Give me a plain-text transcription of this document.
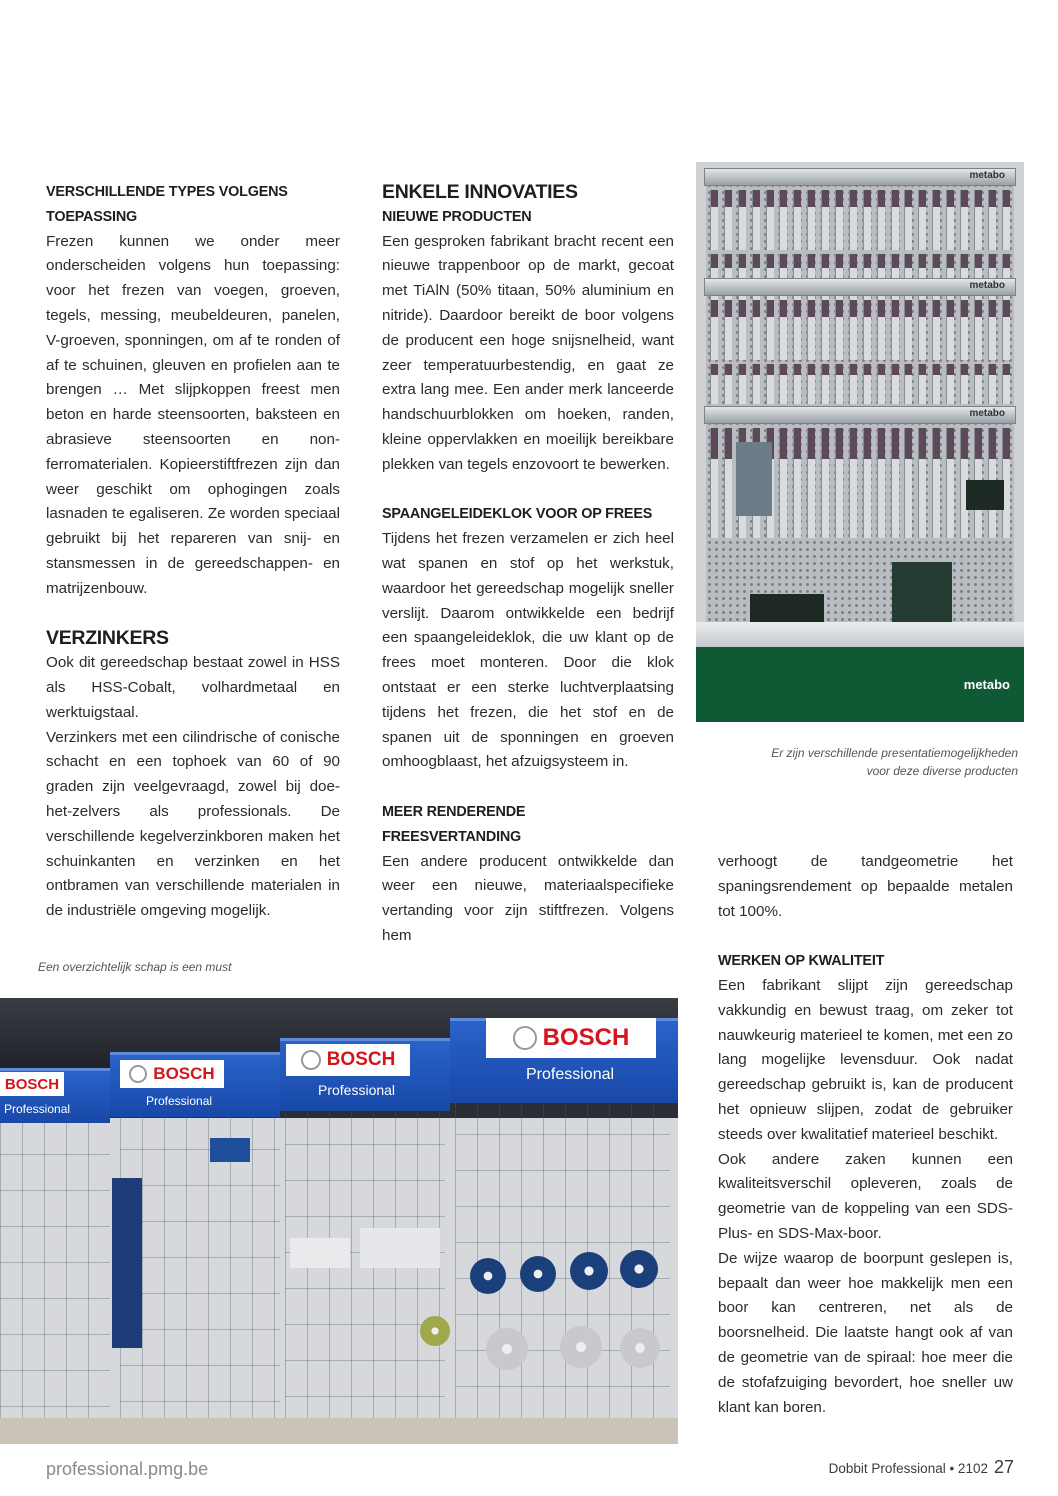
VERSCHILLENDE TYPES VOLGENS TOEPASSING

Frezen kunnen we onder meer onderscheiden volgens hun toepassing: voor het frezen van voegen, groeven, tegels, messing, meubeldeuren, panelen, V-groeven, sponningen, om af te ronden of af te schuinen, gleuven en profielen aan te brengen … Met slijpkoppen freest men beton en harde steensoorten, baksteen en abrasieve steensoorten en non-ferromaterialen. Kopieerstiftfrezen zijn dan weer geschikt om ophogingen zoals lasnaden te egaliseren. Ze worden speciaal gebruikt bij het repareren van snij- en stansmessen in de gereedschappen- en matrijzenbouw.

VERZINKERS

Ook dit gereedschap bestaat zowel in HSS als HSS-Cobalt, volhardmetaal en werktuigstaal.

Verzinkers met een cilindrische of conische schacht en een tophoek van 60 of 90 graden zijn veelgevraagd, zowel bij doe-het-zelvers als professionals. De verschillende kegelverzinkboren maken het schuinkanten en verzinken en het ontbramen van verschillende materialen in de industriële omgeving mogelijk.

ENKELE INNOVATIES
NIEUWE PRODUCTEN

Een gesproken fabrikant bracht recent een nieuwe trappenboor op de markt, gecoat met TiAlN (50% titaan, 50% aluminium en nitride). Daardoor bereikt de boor volgens de producent een hoge snijsnelheid, want zeer temperatuurbestendig, en gaat ze extra lang mee. Een ander merk lanceerde handschuurblokken om hoeken, randen, kleine oppervlakken en moeilijk bereikbare plekken van tegels enzovoort te bewerken.

SPAANGELEIDEKLOK VOOR OP FREES

Tijdens het frezen verzamelen er zich heel wat spanen en stof op het werkstuk, waardoor het gereedschap mogelijk sneller verslijt. Daarom ontwikkelde een bedrijf een spaangeleideklok, die uw klant op de frees moet monteren. Door die klok ontstaat er een sterke luchtverplaatsing tijdens het frezen, die het stof en de spanen uit de sponningen en groeven omhoogblaast, het afzuigsysteem in.

MEER RENDERENDE FREESVERTANDING

Een andere producent ontwikkelde dan weer een nieuwe, materiaalspecifieke vertanding voor zijn stiftfrezen. Volgens hem

verhoogt de tandgeometrie het spaningsrendement op bepaalde metalen tot 100%.

WERKEN OP KWALITEIT

Een fabrikant slijpt zijn gereedschap vakkundig en bewust traag, om zeker tot nauwkeurig materieel te komen, met een zo lang mogelijke levensduur. Ook nadat gereedschap gebruikt is, kan de producent het opnieuw slijpen, zodat de gebruiker steeds over kwalitatief materieel beschikt.

Ook andere zaken kunnen een kwaliteitsverschil opleveren, zoals de geometrie van de koppeling van een SDS-Plus- en SDS-Max-boor.

De wijze waarop de boorpunt geslepen is, bepaalt dan weer hoe makkelijk men een boor kan centreren, net als de boorsnelheid. Die laatste hangt ook af van de geometrie van de spiraal: hoe meer die de stofafzuiging bevordert, hoe sneller uw klant kan boren.

metabo
metabo
metabo
metabo
Er zijn verschillende presentatiemogelijkheden
voor deze diverse producten
Een overzichtelijk schap is een must
BOSCH
Professional
BOSCH
Professional
BOSCH
Professional
BOSCH
Professional
professional.pmg.be	Dobbit Professional • 2102 27
